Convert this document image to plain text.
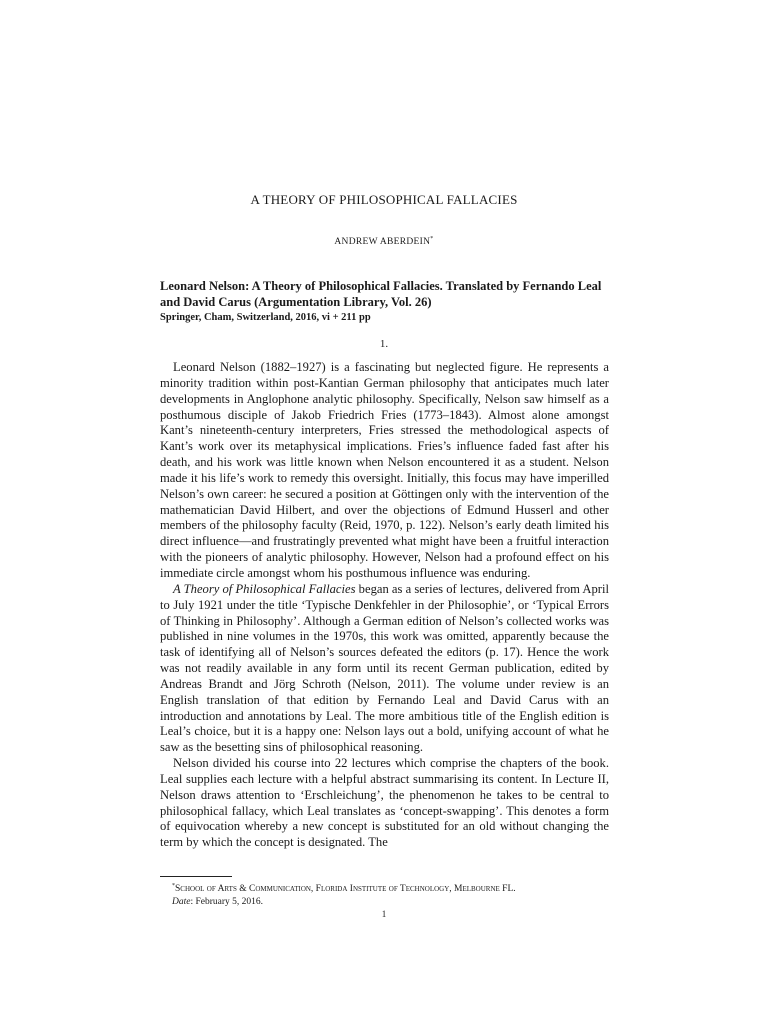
A THEORY OF PHILOSOPHICAL FALLACIES
ANDREW ABERDEIN*
Leonard Nelson: A Theory of Philosophical Fallacies. Translated by Fernando Leal and David Carus (Argumentation Library, Vol. 26)
Springer, Cham, Switzerland, 2016, vi + 211 pp
1.

Leonard Nelson (1882–1927) is a fascinating but neglected figure. He represents a minority tradition within post-Kantian German philosophy that anticipates much later developments in Anglophone analytic philosophy. Specifically, Nelson saw himself as a posthumous disciple of Jakob Friedrich Fries (1773–1843). Almost alone amongst Kant’s nineteenth-century interpreters, Fries stressed the methodological aspects of Kant’s work over its metaphysical implications. Fries’s influence faded fast after his death, and his work was little known when Nelson encountered it as a student. Nelson made it his life’s work to remedy this oversight. Initially, this focus may have imperilled Nelson’s own career: he secured a position at Göttingen only with the intervention of the mathematician David Hilbert, and over the objections of Edmund Husserl and other members of the philosophy faculty (Reid, 1970, p. 122). Nelson’s early death limited his direct influence—and frustratingly prevented what might have been a fruitful interaction with the pioneers of analytic philosophy. However, Nelson had a profound effect on his immediate circle amongst whom his posthumous influence was enduring.

A Theory of Philosophical Fallacies began as a series of lectures, delivered from April to July 1921 under the title ‘Typische Denkfehler in der Philosophie’, or ‘Typical Errors of Thinking in Philosophy’. Although a German edition of Nelson’s collected works was published in nine volumes in the 1970s, this work was omitted, apparently because the task of identifying all of Nelson’s sources defeated the editors (p. 17). Hence the work was not readily available in any form until its recent German publication, edited by Andreas Brandt and Jörg Schroth (Nelson, 2011). The volume under review is an English translation of that edition by Fernando Leal and David Carus with an introduction and annotations by Leal. The more ambitious title of the English edition is Leal’s choice, but it is a happy one: Nelson lays out a bold, unifying account of what he saw as the besetting sins of philosophical reasoning.

Nelson divided his course into 22 lectures which comprise the chapters of the book. Leal supplies each lecture with a helpful abstract summarising its content. In Lecture II, Nelson draws attention to ‘Erschleichung’, the phenomenon he takes to be central to philosophical fallacy, which Leal translates as ‘concept-swapping’. This denotes a form of equivocation whereby a new concept is substituted for an old without changing the term by which the concept is designated. The

*School of Arts & Communication, Florida Institute of Technology, Melbourne FL.
Date: February 5, 2016.
1
